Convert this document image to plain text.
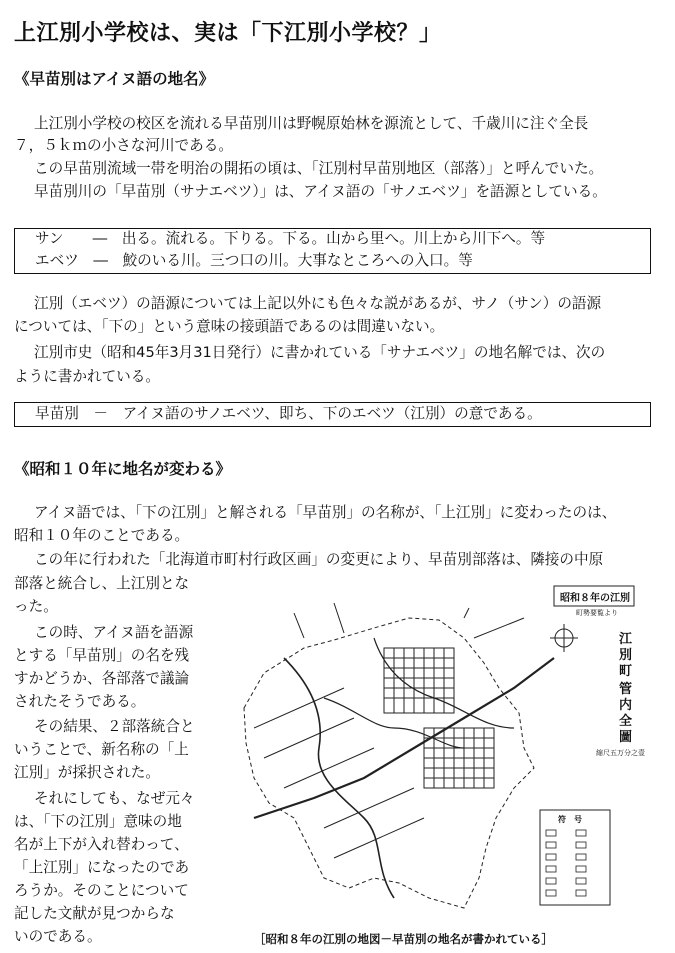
上江別小学校は、実は「下江別小学校？」
《早苗別はアイヌ語の地名》
上江別小学校の校区を流れる早苗別川は野幌原始林を源流として、千歳川に注ぐ全長
７，５ｋｍの小さな河川である。
この早苗別流域一帯を明治の開拓の頃は、「江別村早苗別地区（部落）」と呼んでいた。
早苗別川の「早苗別（サナエベツ）」は、アイヌ語の「サノエベツ」を語源としている。
サン　　―　出る。流れる。下りる。下る。山から里へ。川上から川下へ。等
エベツ　―　鮫のいる川。三つ口の川。大事なところへの入口。等
江別（エベツ）の語源については上記以外にも色々な説があるが、サノ（サン）の語源
については、「下の」という意味の接頭語であるのは間違いない。
江別市史（昭和45年3月31日発行）に書かれている「サナエベツ」の地名解では、次の
ように書かれている。
早苗別　－　アイヌ語のサノエベツ、即ち、下のエベツ（江別）の意である。
《昭和１０年に地名が変わる》
アイヌ語では、「下の江別」と解される「早苗別」の名称が、「上江別」に変わったのは、
昭和１０年のことである。
この年に行われた「北海道市町村行政区画」の変更により、早苗別部落は、隣接の中原
部落と統合し、上江別とな
った。
この時、アイヌ語を語源
とする「早苗別」の名を残
すかどうか、各部落で議論
されたそうである。
その結果、２部落統合と
いうことで、新名称の「上
江別」が採択された。
それにしても、なぜ元々
は、「下の江別」意味の地
名が上下が入れ替わって、
「上江別」になったのであ
ろうか。そのことについて
記した文献が見つからな
いのである。
昭和８年の江別
町勢要覧より
江
別
町
管
内
全
圖
縮尺五万分之壹
符　号
［昭和８年の江別の地図－早苗別の地名が書かれている］
